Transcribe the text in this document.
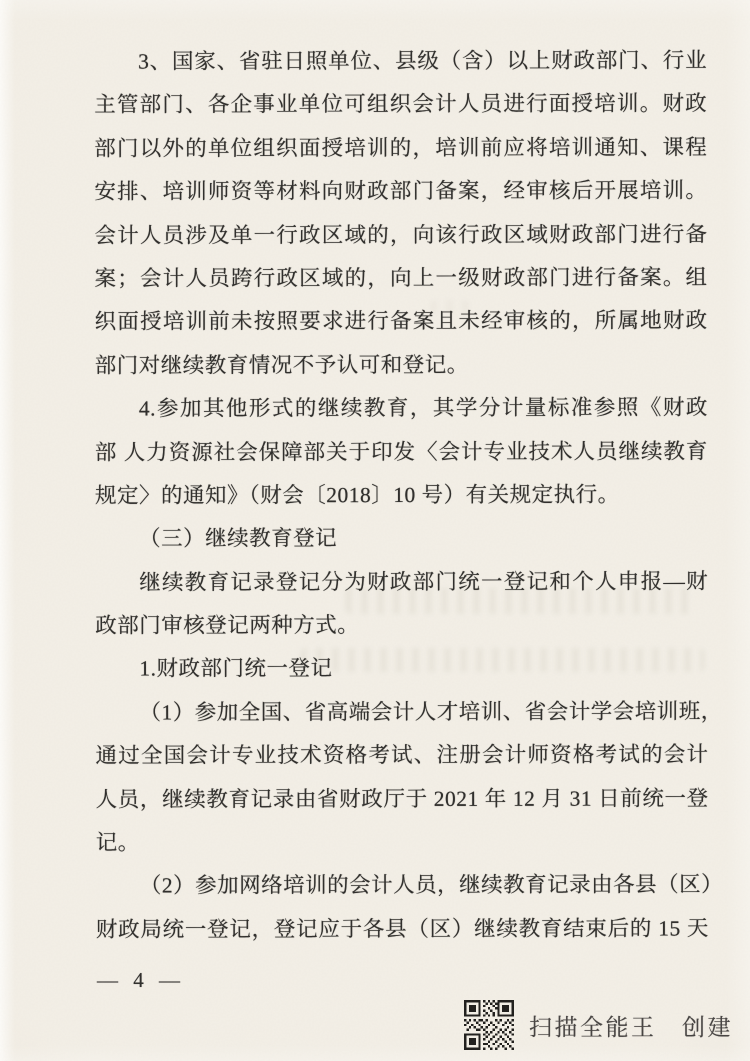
3、国家、省驻日照单位、县级（含）以上财政部门、行业
主管部门、各企事业单位可组织会计人员进行面授培训。财政
部门以外的单位组织面授培训的，培训前应将培训通知、课程
安排、培训师资等材料向财政部门备案，经审核后开展培训。
会计人员涉及单一行政区域的，向该行政区域财政部门进行备
案；会计人员跨行政区域的，向上一级财政部门进行备案。组
织面授培训前未按照要求进行备案且未经审核的，所属地财政
部门对继续教育情况不予认可和登记。
4.参加其他形式的继续教育，其学分计量标准参照《财政
部 人力资源社会保障部关于印发〈会计专业技术人员继续教育
规定〉的通知》（财会〔2018〕10 号）有关规定执行。
（三）继续教育登记
继续教育记录登记分为财政部门统一登记和个人申报—财
政部门审核登记两种方式。
1.财政部门统一登记
（1）参加全国、省高端会计人才培训、省会计学会培训班，
通过全国会计专业技术资格考试、注册会计师资格考试的会计
人员，继续教育记录由省财政厅于 2021 年 12 月 31 日前统一登
记。
（2）参加网络培训的会计人员，继续教育记录由各县（区）
财政局统一登记，登记应于各县（区）继续教育结束后的 15 天
— 4 —
扫描全能王　创建
